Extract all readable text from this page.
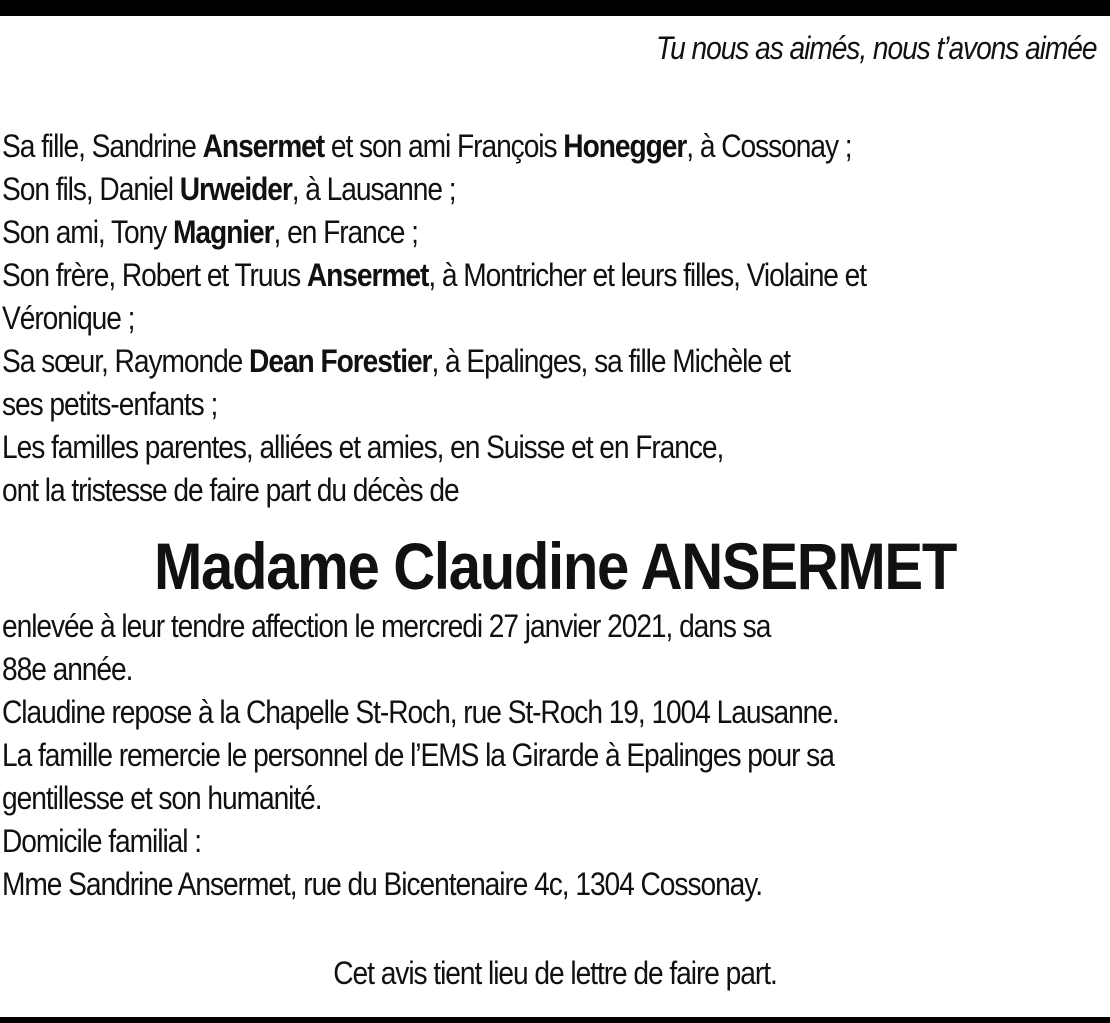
Tu nous as aimés, nous t’avons aimée
Sa fille, Sandrine Ansermet et son ami François Honegger, à Cossonay ;
Son fils, Daniel Urweider, à Lausanne ;
Son ami, Tony Magnier, en France ;
Son frère, Robert et Truus Ansermet, à Montricher et leurs filles, Violaine et
Véronique ;
Sa sœur, Raymonde Dean Forestier, à Epalinges, sa fille Michèle et
ses petits-enfants ;
Les familles parentes, alliées et amies, en Suisse et en France,
ont la tristesse de faire part du décès de
Madame Claudine ANSERMET
enlevée à leur tendre affection le mercredi 27 janvier 2021, dans sa
88e année.
Claudine repose à la Chapelle St-Roch, rue St-Roch 19, 1004 Lausanne.
La famille remercie le personnel de l’EMS la Girarde à Epalinges pour sa
gentillesse et son humanité.
Domicile familial :
Mme Sandrine Ansermet, rue du Bicentenaire 4c, 1304 Cossonay.
Cet avis tient lieu de lettre de faire part.
